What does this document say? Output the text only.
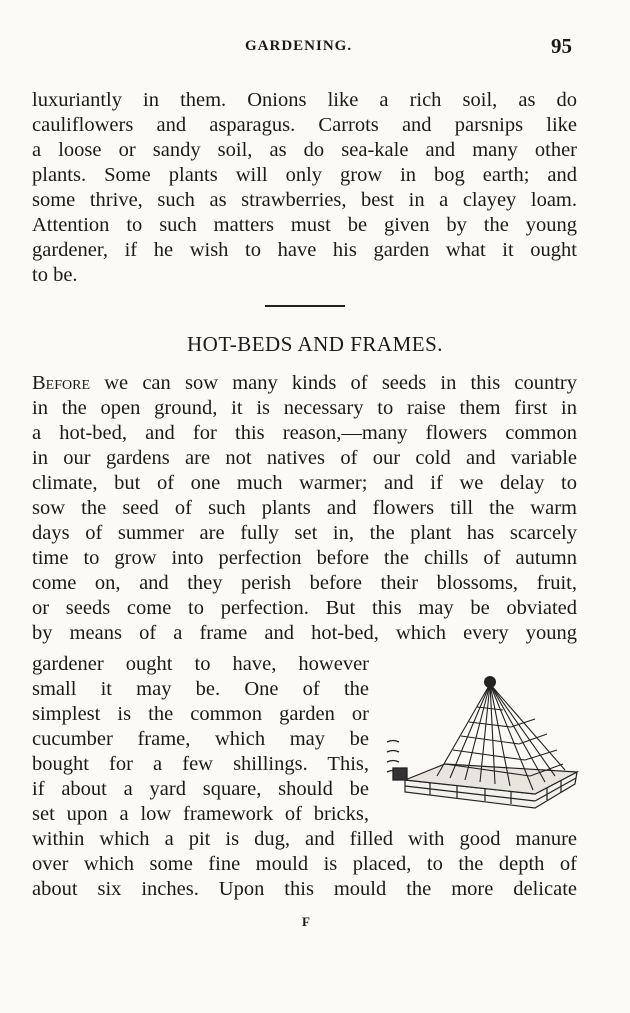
GARDENING.	95
luxuriantly in them. Onions like a rich soil, as do
cauliflowers and asparagus. Carrots and parsnips like
a loose or sandy soil, as do sea-kale and many other
plants. Some plants will only grow in bog earth; and
some thrive, such as strawberries, best in a clayey loam.
Attention to such matters must be given by the young
gardener, if he wish to have his garden what it ought
to be.
HOT-BEDS AND FRAMES.
Before we can sow many kinds of seeds in this country
in the open ground, it is necessary to raise them first in
a hot-bed, and for this reason,—many flowers common
in our gardens are not natives of our cold and variable
climate, but of one much warmer; and if we delay to
sow the seed of such plants and flowers till the warm
days of summer are fully set in, the plant has scarcely
time to grow into perfection before the chills of autumn
come on, and they perish before their blossoms, fruit,
or seeds come to perfection. But this may be obviated
by means of a frame and hot-bed, which every young
gardener ought to have, however
small it may be. One of the
simplest is the common garden or
cucumber frame, which may be
bought for a few shillings. This,
if about a yard square, should be
set upon a low framework of bricks,
within which a pit is dug, and filled with good manure
over which some fine mould is placed, to the depth of
about six inches. Upon this mould the more delicate
F
